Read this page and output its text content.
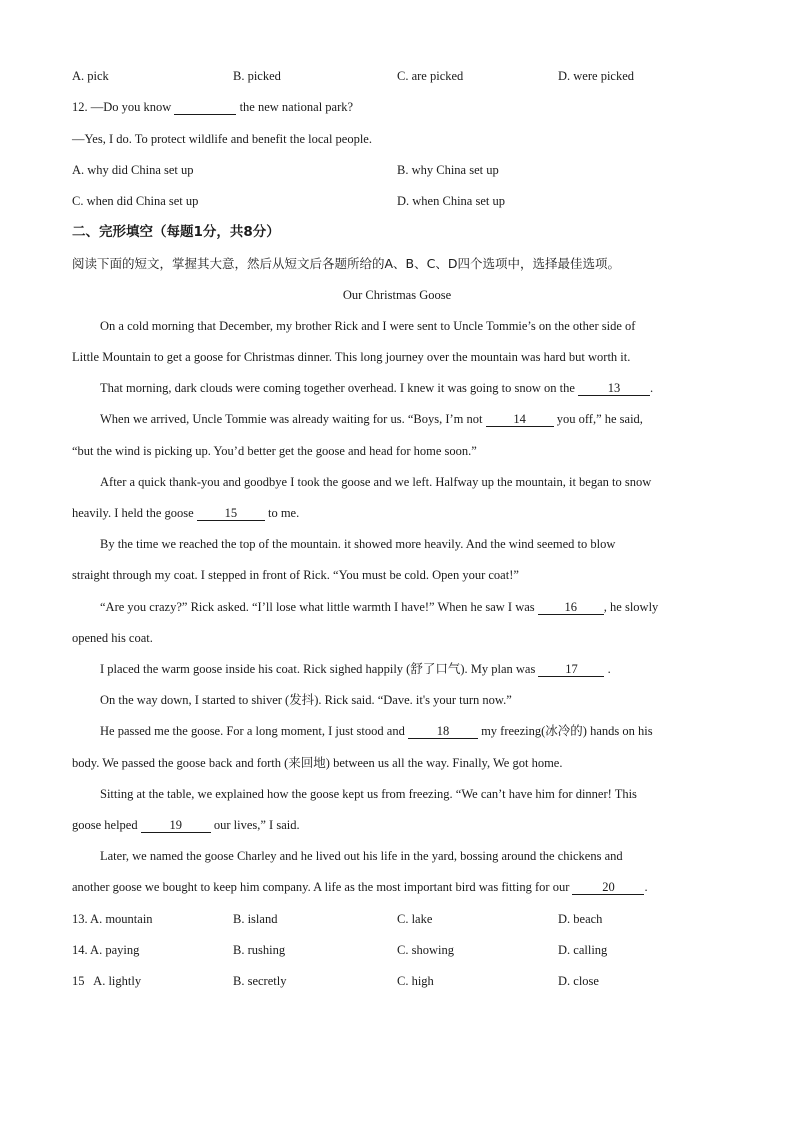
A. pick	B. picked	C. are picked	D. were picked
12. —Do you know	the new national park?
—Yes, I do. To protect wildlife and benefit the local people.
A. why did China set up	B. why China set up
C. when did China set up	D. when China set up
二、完形填空（每题1分，共8分）
阅读下面的短文，掌握其大意，然后从短文后各题所给的A、B、C、D四个选项中，选择最佳选项。
Our Christmas Goose
On a cold morning that December, my brother Rick and I were sent to Uncle Tommie’s on the other side of
Little Mountain to get a goose for Christmas dinner. This long journey over the mountain was hard but worth it.
That morning, dark clouds were coming together overhead. I knew it was going to snow on the 13 .
When we arrived, Uncle Tommie was already waiting for us. “Boys, I’m not 14 you off,” he said,
“but the wind is picking up. You’d better get the goose and head for home soon.”
After a quick thank-you and goodbye I took the goose and we left. Halfway up the mountain, it began to snow
heavily. I held the goose 15 to me.
By the time we reached the top of the mountain. it showed more heavily. And the wind seemed to blow
straight through my coat. I stepped in front of Rick. “You must be cold. Open your coat!”
“Are you crazy?” Rick asked. “I’ll lose what little warmth I have!” When he saw I was 16 , he slowly
opened his coat.
I placed the warm goose inside his coat. Rick sighed happily (舒了口气). My plan was 17 .
On the way down, I started to shiver (发抖). Rick said. “Dave. it's your turn now.”
He passed me the goose. For a long moment, I just stood and 18 my freezing(冰冷的) hands on his
body. We passed the goose back and forth (来回地) between us all the way. Finally, We got home.
Sitting at the table, we explained how the goose kept us from freezing. “We can’t have him for dinner! This
goose helped 19 our lives,” I said.
Later, we named the goose Charley and he lived out his life in the yard, bossing around the chickens and
another goose we bought to keep him company. A life as the most important bird was fitting for our 20 .
13. A. mountain	B. island	C. lake	D. beach
14. A. paying	B. rushing	C. showing	D. calling
15   A. lightly	B. secretly	C. high	D. close
